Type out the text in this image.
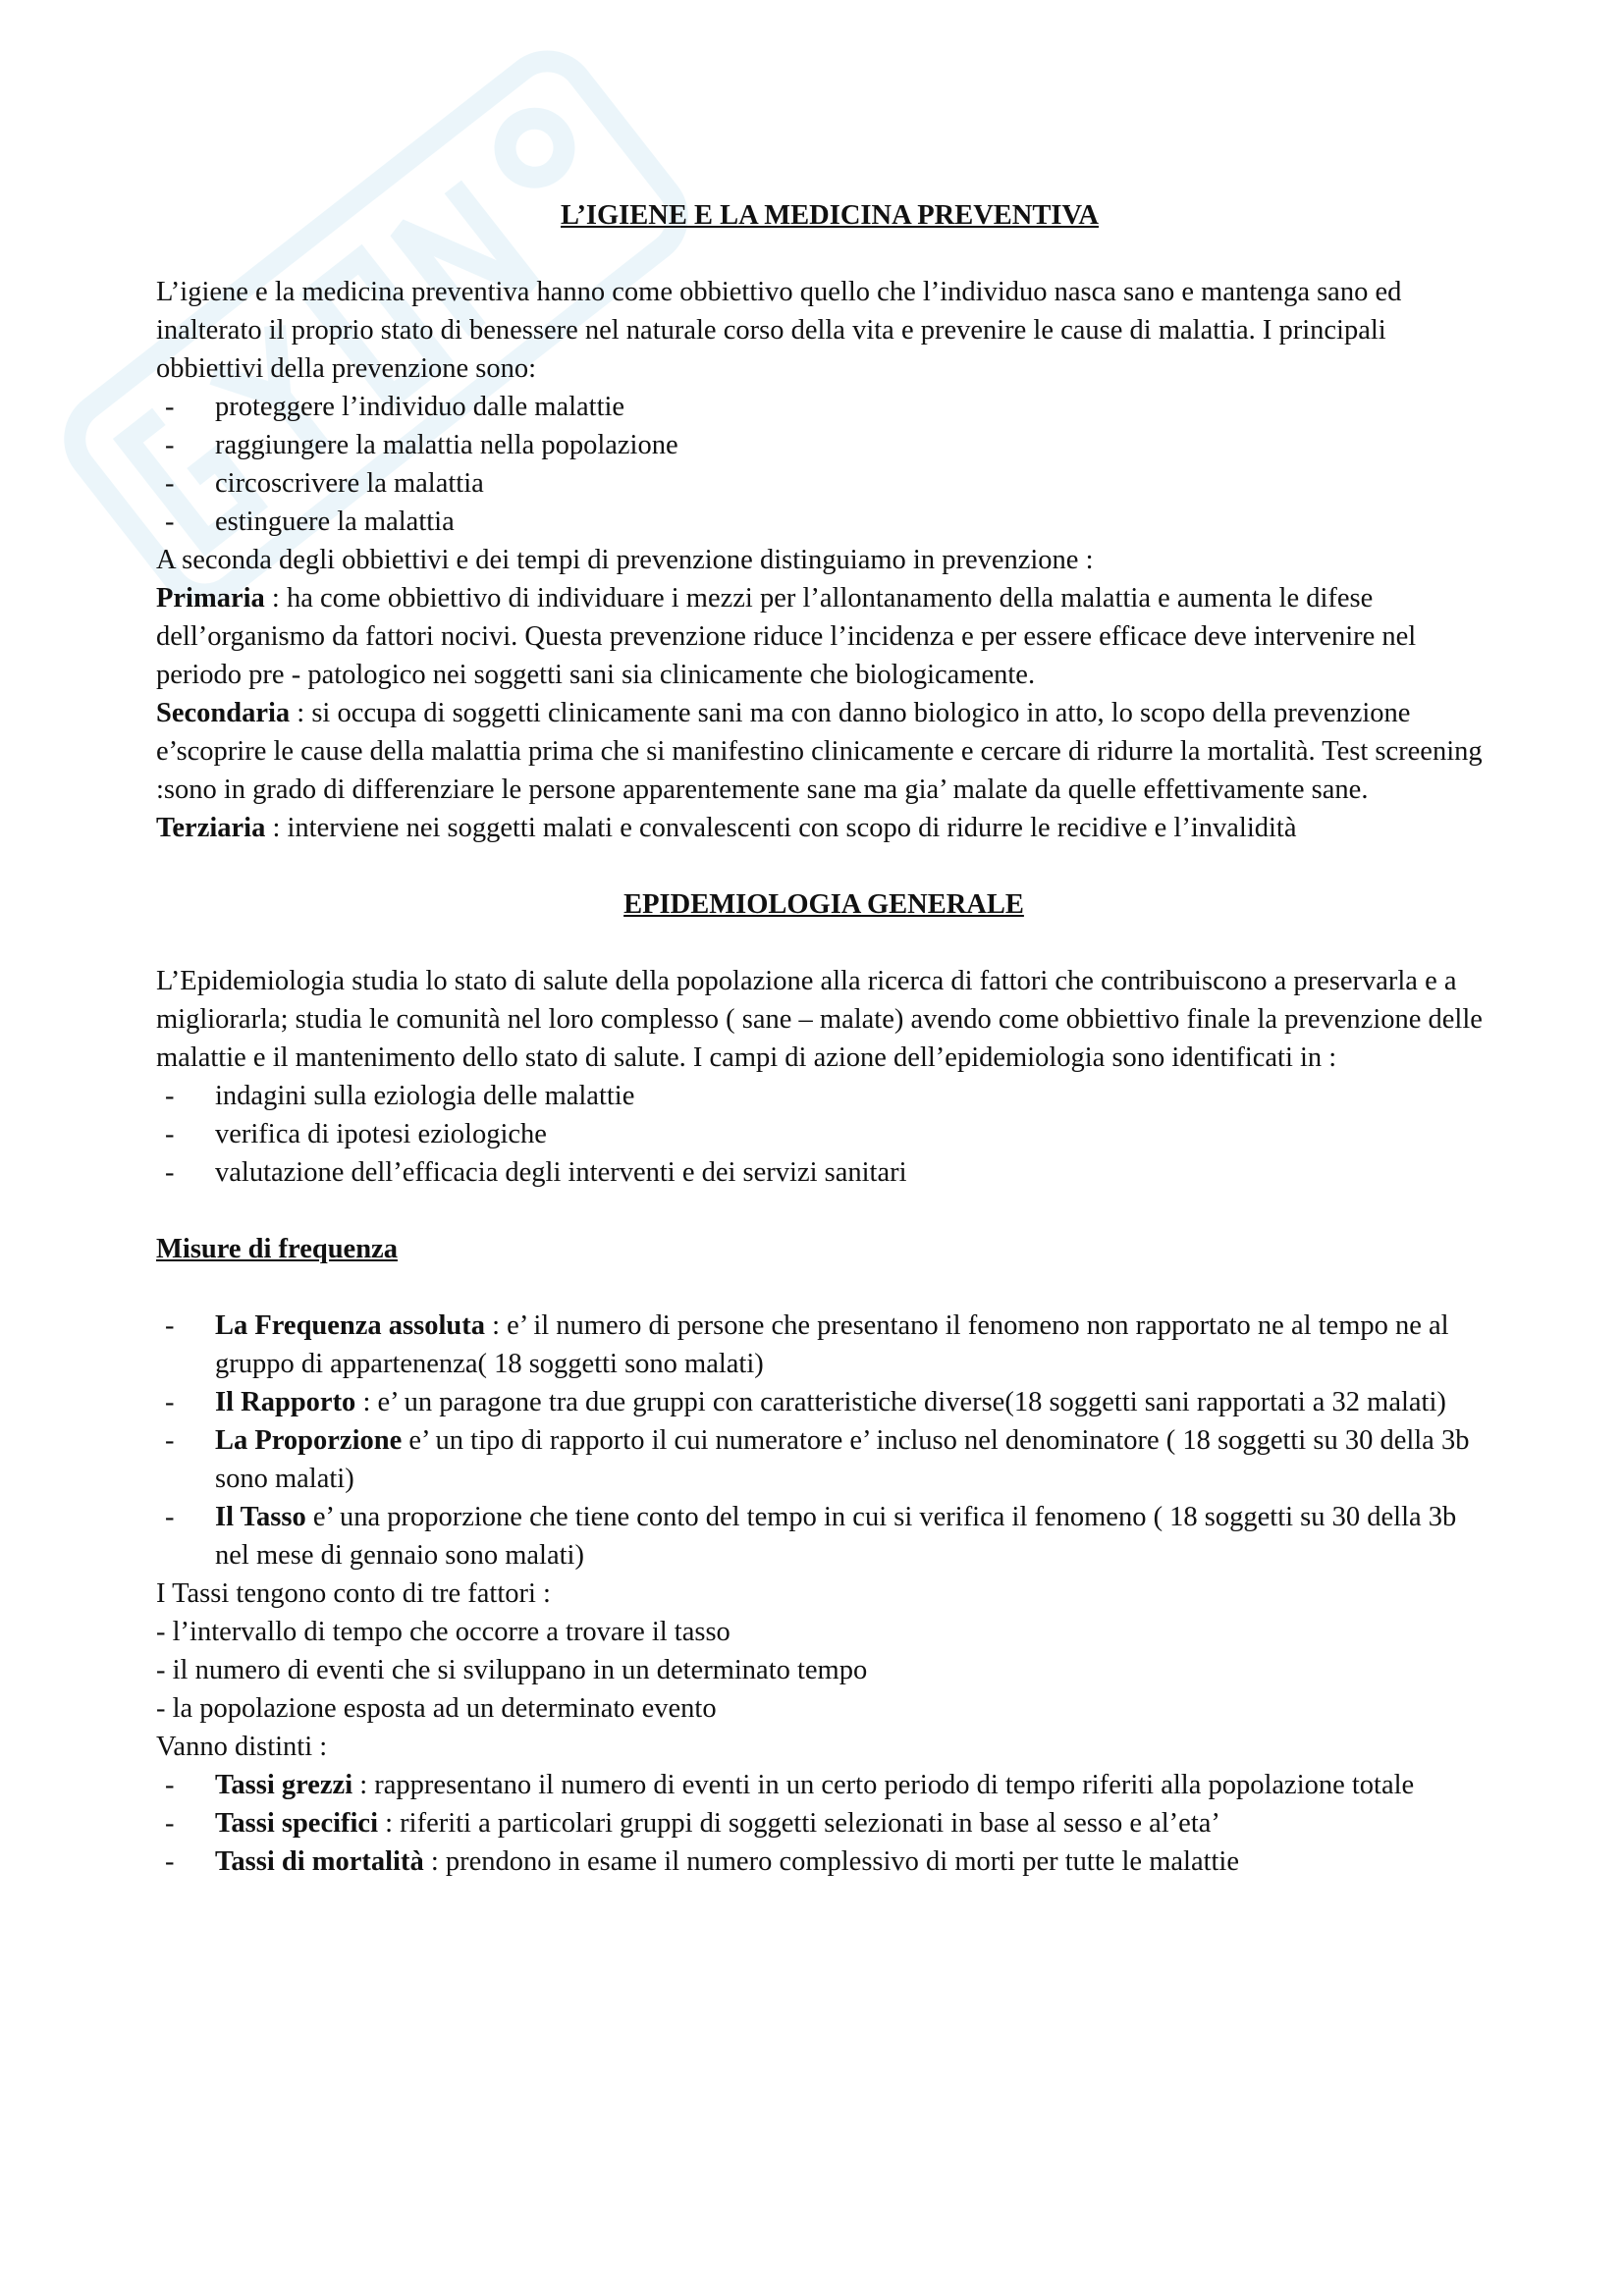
L’IGIENE E LA MEDICINA PREVENTIVA

L’igiene e la medicina preventiva hanno come obbiettivo quello che l’individuo nasca sano e mantenga sano ed inalterato il proprio stato di benessere nel naturale corso della vita e prevenire le cause di malattia. I principali obbiettivi della prevenzione sono:

- proteggere l’individuo dalle malattie
- raggiungere la malattia nella popolazione
- circoscrivere la malattia
- estinguere la malattia

A seconda degli obbiettivi e dei tempi di prevenzione distinguiamo in prevenzione :

Primaria : ha come obbiettivo di individuare i mezzi per l’allontanamento della malattia e aumenta le difese dell’organismo da fattori nocivi. Questa prevenzione riduce l’incidenza e per essere efficace deve intervenire nel periodo pre - patologico nei soggetti sani sia clinicamente che biologicamente.

Secondaria : si occupa di soggetti clinicamente sani ma con danno biologico in atto, lo scopo della prevenzione e’scoprire le cause della malattia prima che si manifestino clinicamente e cercare di ridurre la mortalità. Test screening :sono in grado di differenziare le persone apparentemente sane ma gia’ malate da quelle effettivamente sane.

Terziaria : interviene nei soggetti malati e convalescenti con scopo di ridurre le recidive e l’invalidità

EPIDEMIOLOGIA GENERALE

L’Epidemiologia studia lo stato di salute della popolazione alla ricerca di fattori che contribuiscono a preservarla e a migliorarla; studia le comunità nel loro complesso ( sane – malate) avendo come obbiettivo finale la prevenzione delle malattie e il mantenimento dello stato di salute. I campi di azione dell’epidemiologia sono identificati in :

- indagini sulla eziologia delle malattie
- verifica di ipotesi eziologiche
- valutazione dell’efficacia degli interventi e dei servizi sanitari

Misure di frequenza

- La Frequenza assoluta : e’ il numero di persone che presentano il fenomeno non rapportato ne al tempo ne al gruppo di appartenenza( 18 soggetti sono malati)
- Il Rapporto : e’ un paragone tra due gruppi con caratteristiche diverse(18 soggetti sani rapportati a 32 malati)
- La Proporzione e’ un tipo di rapporto il cui numeratore e’ incluso nel denominatore ( 18 soggetti su 30 della 3b sono malati)
- Il Tasso e’ una proporzione che tiene conto del tempo in cui si verifica il fenomeno ( 18 soggetti su 30 della 3b nel mese di gennaio sono malati)

I Tassi tengono conto di tre fattori :

- l’intervallo di tempo che occorre a trovare il tasso

- il numero di eventi che si sviluppano in un determinato tempo

- la popolazione esposta ad un determinato evento

Vanno distinti :

- Tassi grezzi : rappresentano il numero di eventi in un certo periodo di tempo riferiti alla popolazione totale
- Tassi specifici : riferiti a particolari gruppi di soggetti selezionati in base al sesso e al’eta’
- Tassi di mortalità : prendono in esame il numero complessivo di morti per tutte le malattie
